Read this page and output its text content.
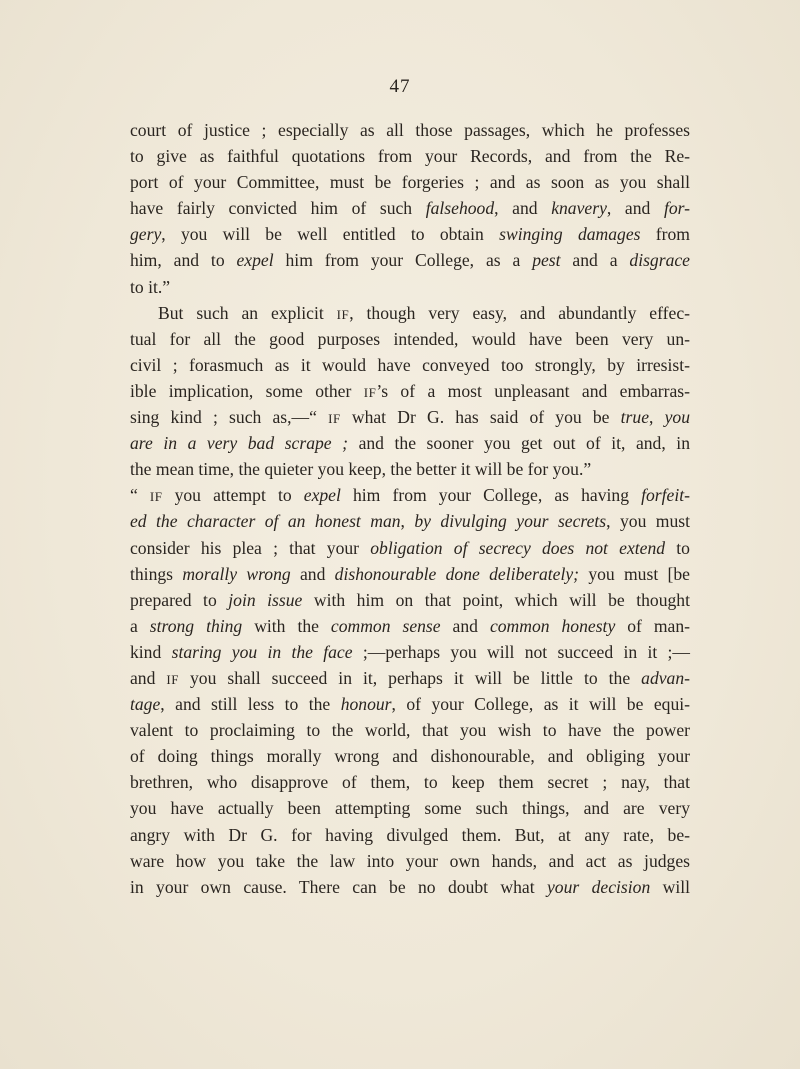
47
court of justice ; especially as all those passages, which he professes
to give as faithful quotations from your Records, and from the Re-
port of your Committee, must be forgeries ; and as soon as you shall
have fairly convicted him of such falsehood, and knavery, and for-
gery, you will be well entitled to obtain swinging damages from
him, and to expel him from your College, as a pest and a disgrace
to it.”
But such an explicit IF, though very easy, and abundantly effec-
tual for all the good purposes intended, would have been very un-
civil ; forasmuch as it would have conveyed too strongly, by irresist-
ible implication, some other IF’s of a most unpleasant and embarras-
sing kind ; such as,—“ IF what Dr G. has said of you be true, you
are in a very bad scrape ; and the sooner you get out of it, and, in
the mean time, the quieter you keep, the better it will be for you.”
“ IF you attempt to expel him from your College, as having forfeit-
ed the character of an honest man, by divulging your secrets, you must
consider his plea ; that your obligation of secrecy does not extend to
things morally wrong and dishonourable done deliberately; you must [be
prepared to join issue with him on that point, which will be thought
a strong thing with the common sense and common honesty of man-
kind staring you in the face ;—perhaps you will not succeed in it ;—
and IF you shall succeed in it, perhaps it will be little to the advan-
tage, and still less to the honour, of your College, as it will be equi-
valent to proclaiming to the world, that you wish to have the power
of doing things morally wrong and dishonourable, and obliging your
brethren, who disapprove of them, to keep them secret ; nay, that
you have actually been attempting some such things, and are very
angry with Dr G. for having divulged them. But, at any rate, be-
ware how you take the law into your own hands, and act as judges
in your own cause. There can be no doubt what your decision will
